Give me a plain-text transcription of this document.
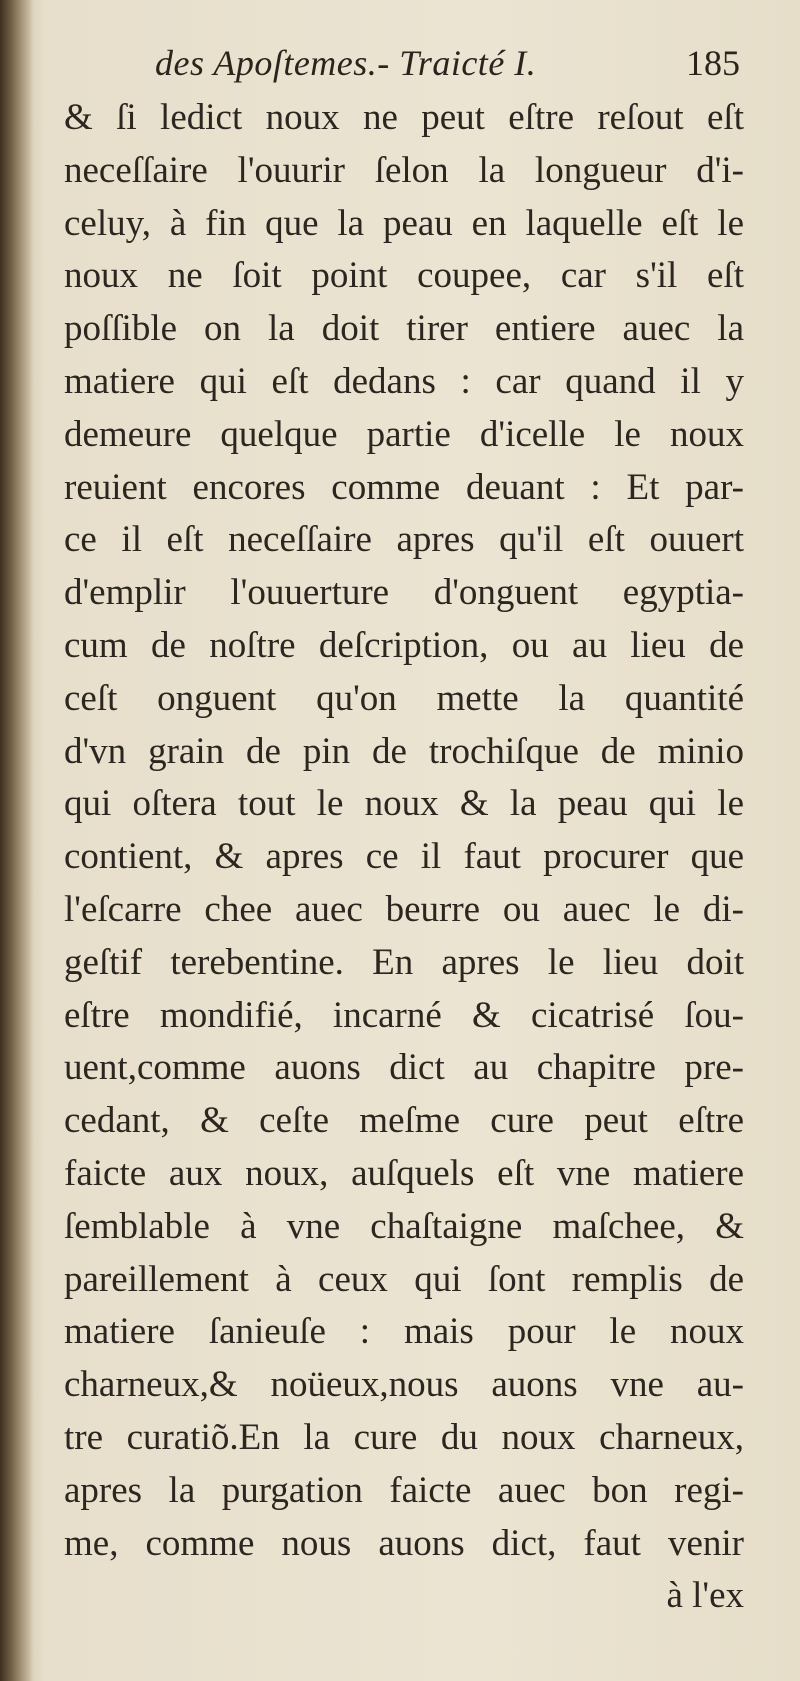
des Apoſtemes.- Traicté I.	185
& ſi ledict noux ne peut eſtre reſout eſt
neceſſaire l'ouurir ſelon la longueur d'i-
celuy, à fin que la peau en laquelle eſt le
noux ne ſoit point coupee, car s'il eſt
poſſible on la doit tirer entiere auec la
matiere qui eſt dedans : car quand il y
demeure quelque partie d'icelle le noux
reuient encores comme deuant : Et par-
ce il eſt neceſſaire apres qu'il eſt ouuert
d'emplir l'ouuerture d'onguent egyptia-
cum de noſtre deſcription, ou au lieu de
ceſt onguent qu'on mette la quantité
d'vn grain de pin de trochiſque de minio
qui oſtera tout le noux & la peau qui le
contient, & apres ce il faut procurer que
l'eſcarre chee auec beurre ou auec le di-
geſtif terebentine. En apres le lieu doit
eſtre mondifié, incarné & cicatrisé ſou-
uent,comme auons dict au chapitre pre-
cedant, & ceſte meſme cure peut eſtre
faicte aux noux, auſquels eſt vne matiere
ſemblable à vne chaſtaigne maſchee, &
pareillement à ceux qui ſont remplis de
matiere ſanieuſe : mais pour le noux
charneux,& noüeux,nous auons vne au-
tre curatiõ.En la cure du noux charneux,
apres la purgation faicte auec bon regi-
me, comme nous auons dict, faut venir
à l'ex
